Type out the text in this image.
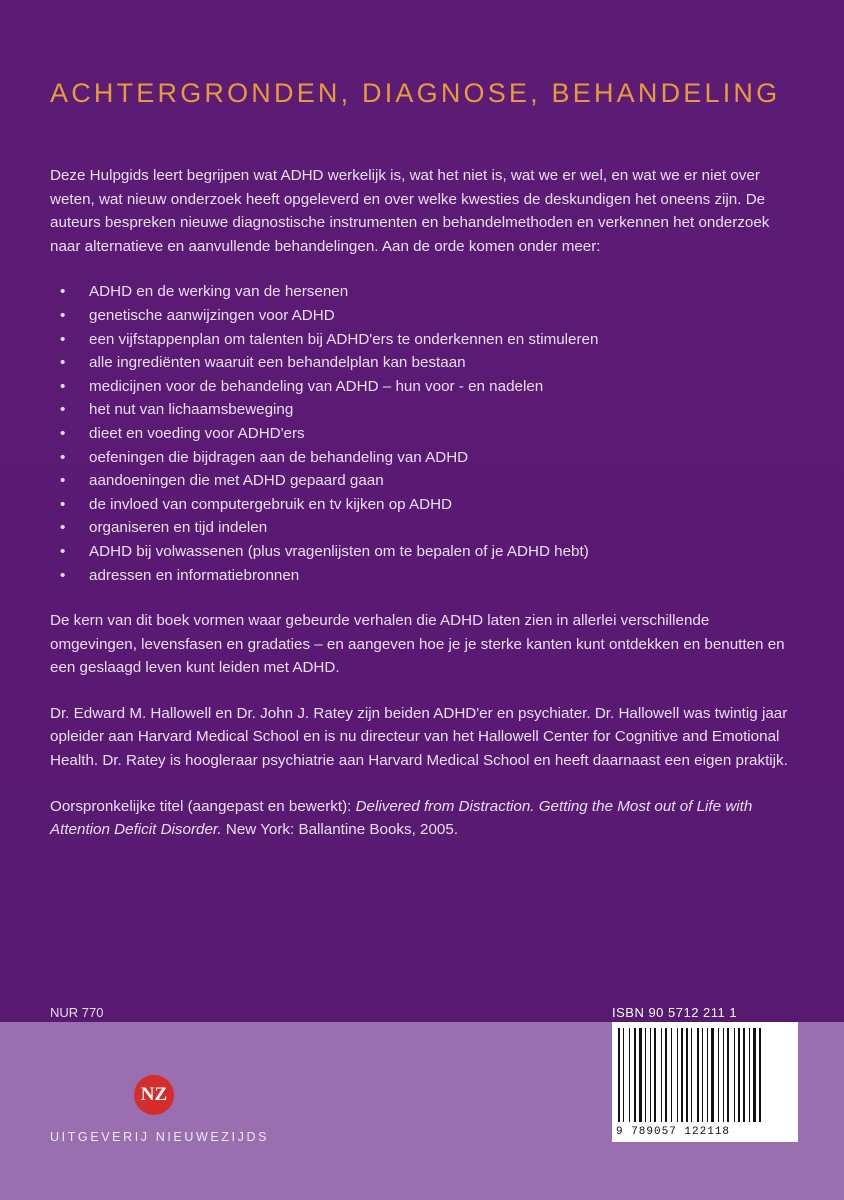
ACHTERGRONDEN, DIAGNOSE, BEHANDELING

Deze Hulpgids leert begrijpen wat ADHD werkelijk is, wat het niet is, wat we er wel, en wat we er niet over weten, wat nieuw onderzoek heeft opgeleverd en over welke kwesties de deskundigen het oneens zijn. De auteurs bespreken nieuwe diagnostische instrumenten en behandelmethoden en verkennen het onderzoek naar alternatieve en aanvullende behandelingen. Aan de orde komen onder meer:

• ADHD en de werking van de hersenen
• genetische aanwijzingen voor ADHD
• een vijfstappenplan om talenten bij ADHD'ers te onderkennen en stimuleren
• alle ingrediënten waaruit een behandelplan kan bestaan
• medicijnen voor de behandeling van ADHD – hun voor - en nadelen
• het nut van lichaamsbeweging
• dieet en voeding voor ADHD'ers
• oefeningen die bijdragen aan de behandeling van ADHD
• aandoeningen die met ADHD gepaard gaan
• de invloed van computergebruik en tv kijken op ADHD
• organiseren en tijd indelen
• ADHD bij volwassenen (plus vragenlijsten om te bepalen of je ADHD hebt)
• adressen en informatiebronnen

De kern van dit boek vormen waar gebeurde verhalen die ADHD laten zien in allerlei verschillende omgevingen, levensfasen en gradaties – en aangeven hoe je je sterke kanten kunt ontdekken en benutten en een geslaagd leven kunt leiden met ADHD.

Dr. Edward M. Hallowell en Dr. John J. Ratey zijn beiden ADHD'er en psychiater. Dr. Hallowell was twintig jaar opleider aan Harvard Medical School en is nu directeur van het Hallowell Center for Cognitive and Emotional Health. Dr. Ratey is hoogleraar psychiatrie aan Harvard Medical School en heeft daarnaast een eigen praktijk.

Oorspronkelijke titel (aangepast en bewerkt): Delivered from Distraction. Getting the Most out of Life with Attention Deficit Disorder. New York: Ballantine Books, 2005.

NUR 770
NZ
UITGEVERIJ NIEUWEZIJDS
ISBN 90 5712 211 1
9 789057 122118
